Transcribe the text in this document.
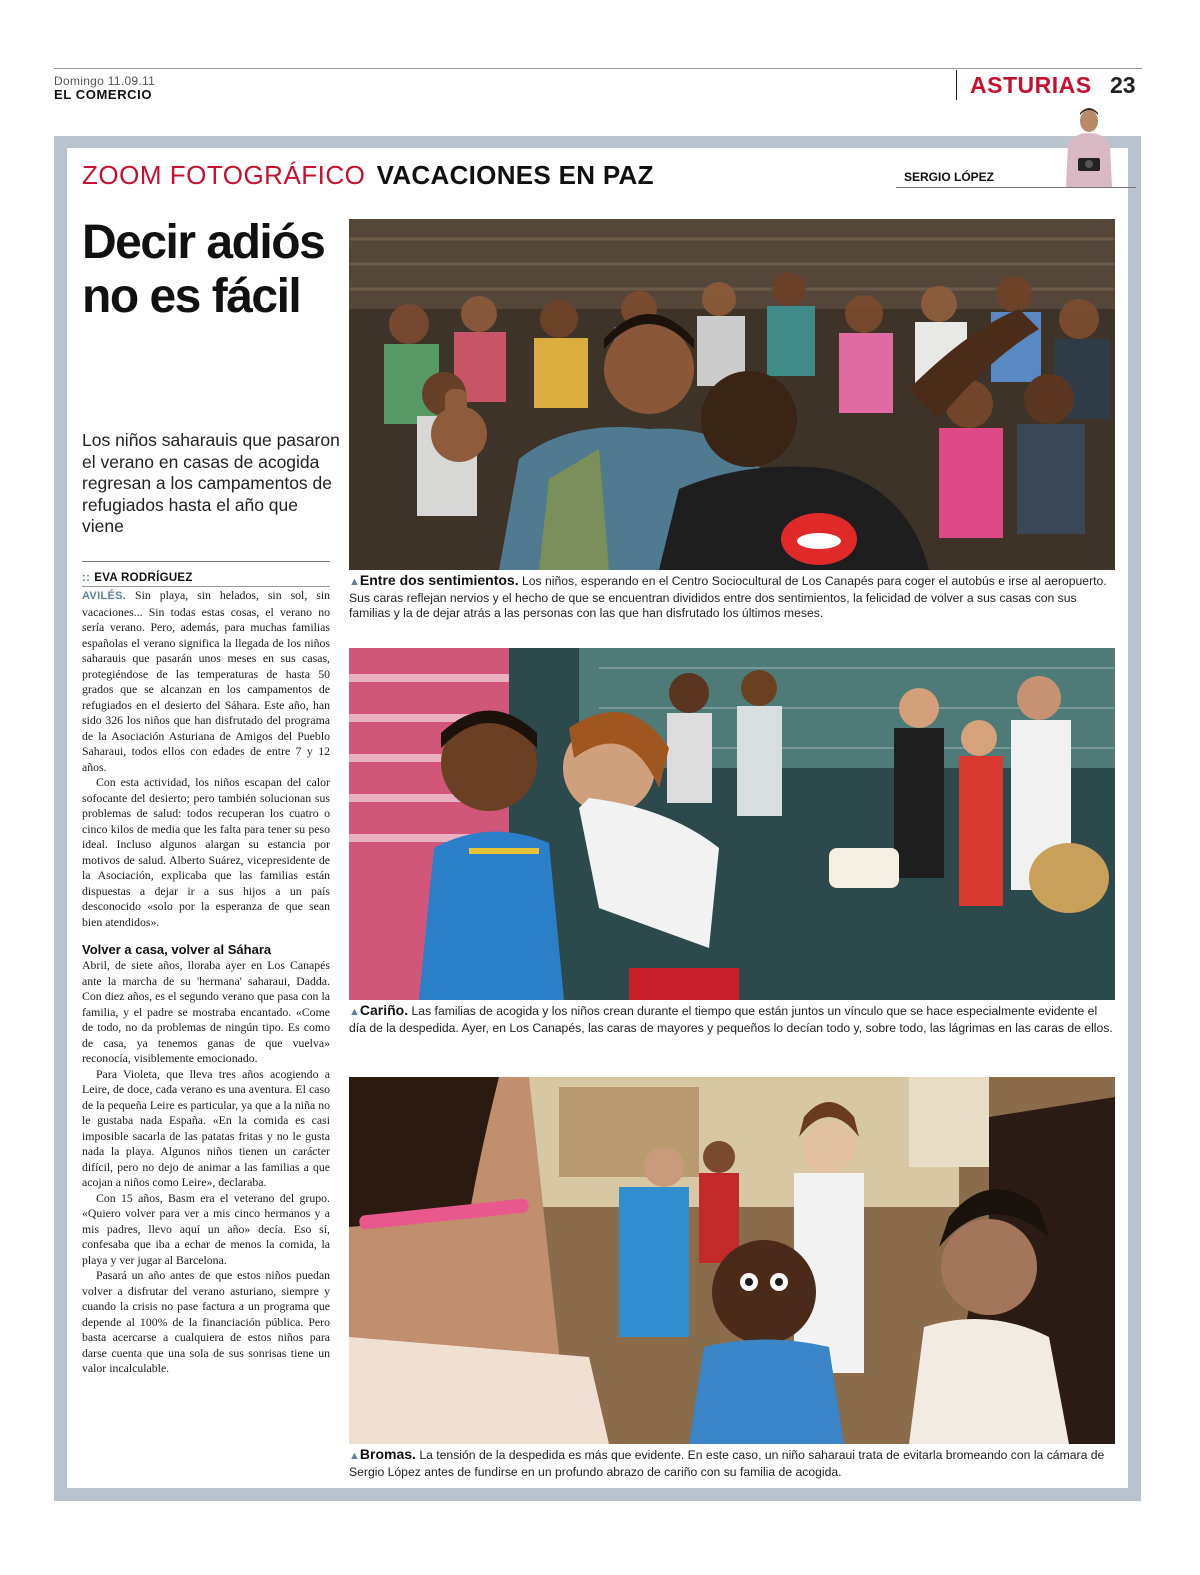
Domingo 11.09.11
EL COMERCIO	ASTURIAS 23
ZOOM FOTOGRÁFICO VACACIONES EN PAZ	SERGIO LÓPEZ
Decir adiós no es fácil
Los niños saharauis que pasaron el verano en casas de acogida regresan a los campamentos de refugiados hasta el año que viene
:: EVA RODRÍGUEZ

AVILÉS. Sin playa, sin helados, sin sol, sin vacaciones... Sin todas estas cosas, el verano no sería verano. Pero, además, para muchas familias españolas el verano significa la llegada de los niños saharauis que pasarán unos meses en sus casas, protegiéndose de las temperaturas de hasta 50 grados que se alcanzan en los campamentos de refugiados en el desierto del Sáhara. Este año, han sido 326 los niños que han disfrutado del programa de la Asociación Asturiana de Amigos del Pueblo Saharaui, todos ellos con edades de entre 7 y 12 años.

Con esta actividad, los niños escapan del calor sofocante del desierto; pero también solucionan sus problemas de salud: todos recuperan los cuatro o cinco kilos de media que les falta para tener su peso ideal. Incluso algunos alargan su estancia por motivos de salud. Alberto Suárez, vicepresidente de la Asociación, explicaba que las familias están dispuestas a dejar ir a sus hijos a un país desconocido «solo por la esperanza de que sean bien atendidos».

Volver a casa, volver al Sáhara

Abril, de siete años, lloraba ayer en Los Canapés ante la marcha de su 'hermana' saharaui, Dadda. Con diez años, es el segundo verano que pasa con la familia, y el padre se mostraba encantado. «Come de todo, no da problemas de ningún tipo. Es como de casa, ya tenemos ganas de que vuelva» reconocía, visiblemente emocionado.

Para Violeta, que lleva tres años acogiendo a Leire, de doce, cada verano es una aventura. El caso de la pequeña Leire es particular, ya que a la niña no le gustaba nada España. «En la comida es casi imposible sacarla de las patatas fritas y no le gusta nada la playa. Algunos niños tienen un carácter difícil, pero no dejo de animar a las familias a que acojan a niños como Leire», declaraba.

Con 15 años, Basm era el veterano del grupo. «Quiero volver para ver a mis cinco hermanos y a mis padres, llevo aquí un año» decía. Eso sí, confesaba que iba a echar de menos la comida, la playa y ver jugar al Barcelona.

Pasará un año antes de que estos niños puedan volver a disfrutar del verano asturiano, siempre y cuando la crisis no pase factura a un programa que depende al 100% de la financiación pública. Pero basta acercarse a cualquiera de estos niños para darse cuenta que una sola de sus sonrisas tiene un valor incalculable.

▲Entre dos sentimientos. Los niños, esperando en el Centro Sociocultural de Los Canapés para coger el autobús e irse al aeropuerto. Sus caras reflejan nervios y el hecho de que se encuentran divididos entre dos sentimientos, la felicidad de volver a sus casas con sus familias y la de dejar atrás a las personas con las que han disfrutado los últimos meses.
▲Cariño. Las familias de acogida y los niños crean durante el tiempo que están juntos un vínculo que se hace especialmente evidente el día de la despedida. Ayer, en Los Canapés, las caras de mayores y pequeños lo decían todo y, sobre todo, las lágrimas en las caras de ellos.
▲Bromas. La tensión de la despedida es más que evidente. En este caso, un niño saharaui trata de evitarla bromeando con la cámara de Sergio López antes de fundirse en un profundo abrazo de cariño con su familia de acogida.
